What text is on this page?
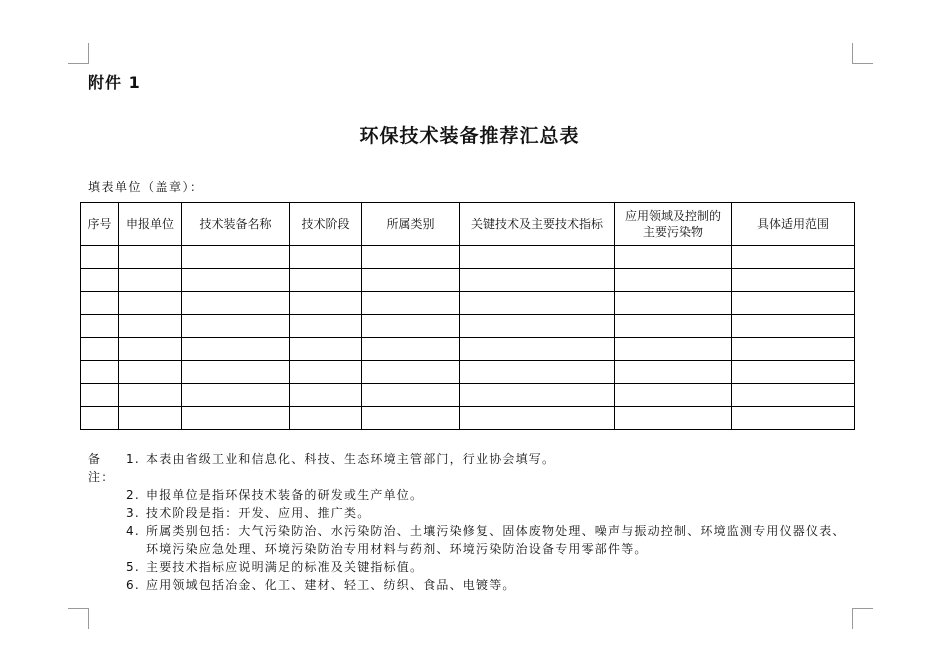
附件 1
环保技术装备推荐汇总表
填表单位（盖章）：
序号	申报单位	技术装备名称	技术阶段	所属类别	关键技术及主要技术指标	应用领域及控制的主要污染物	具体适用范围

备注：
1. 本表由省级工业和信息化、科技、生态环境主管部门，行业协会填写。
2. 申报单位是指环保技术装备的研发或生产单位。
3. 技术阶段是指：开发、应用、推广类。
4. 所属类别包括：大气污染防治、水污染防治、土壤污染修复、固体废物处理、噪声与振动控制、环境监测专用仪器仪表、环境污染应急处理、环境污染防治专用材料与药剂、环境污染防治设备专用零部件等。
5. 主要技术指标应说明满足的标准及关键指标值。
6. 应用领域包括冶金、化工、建材、轻工、纺织、食品、电镀等。
